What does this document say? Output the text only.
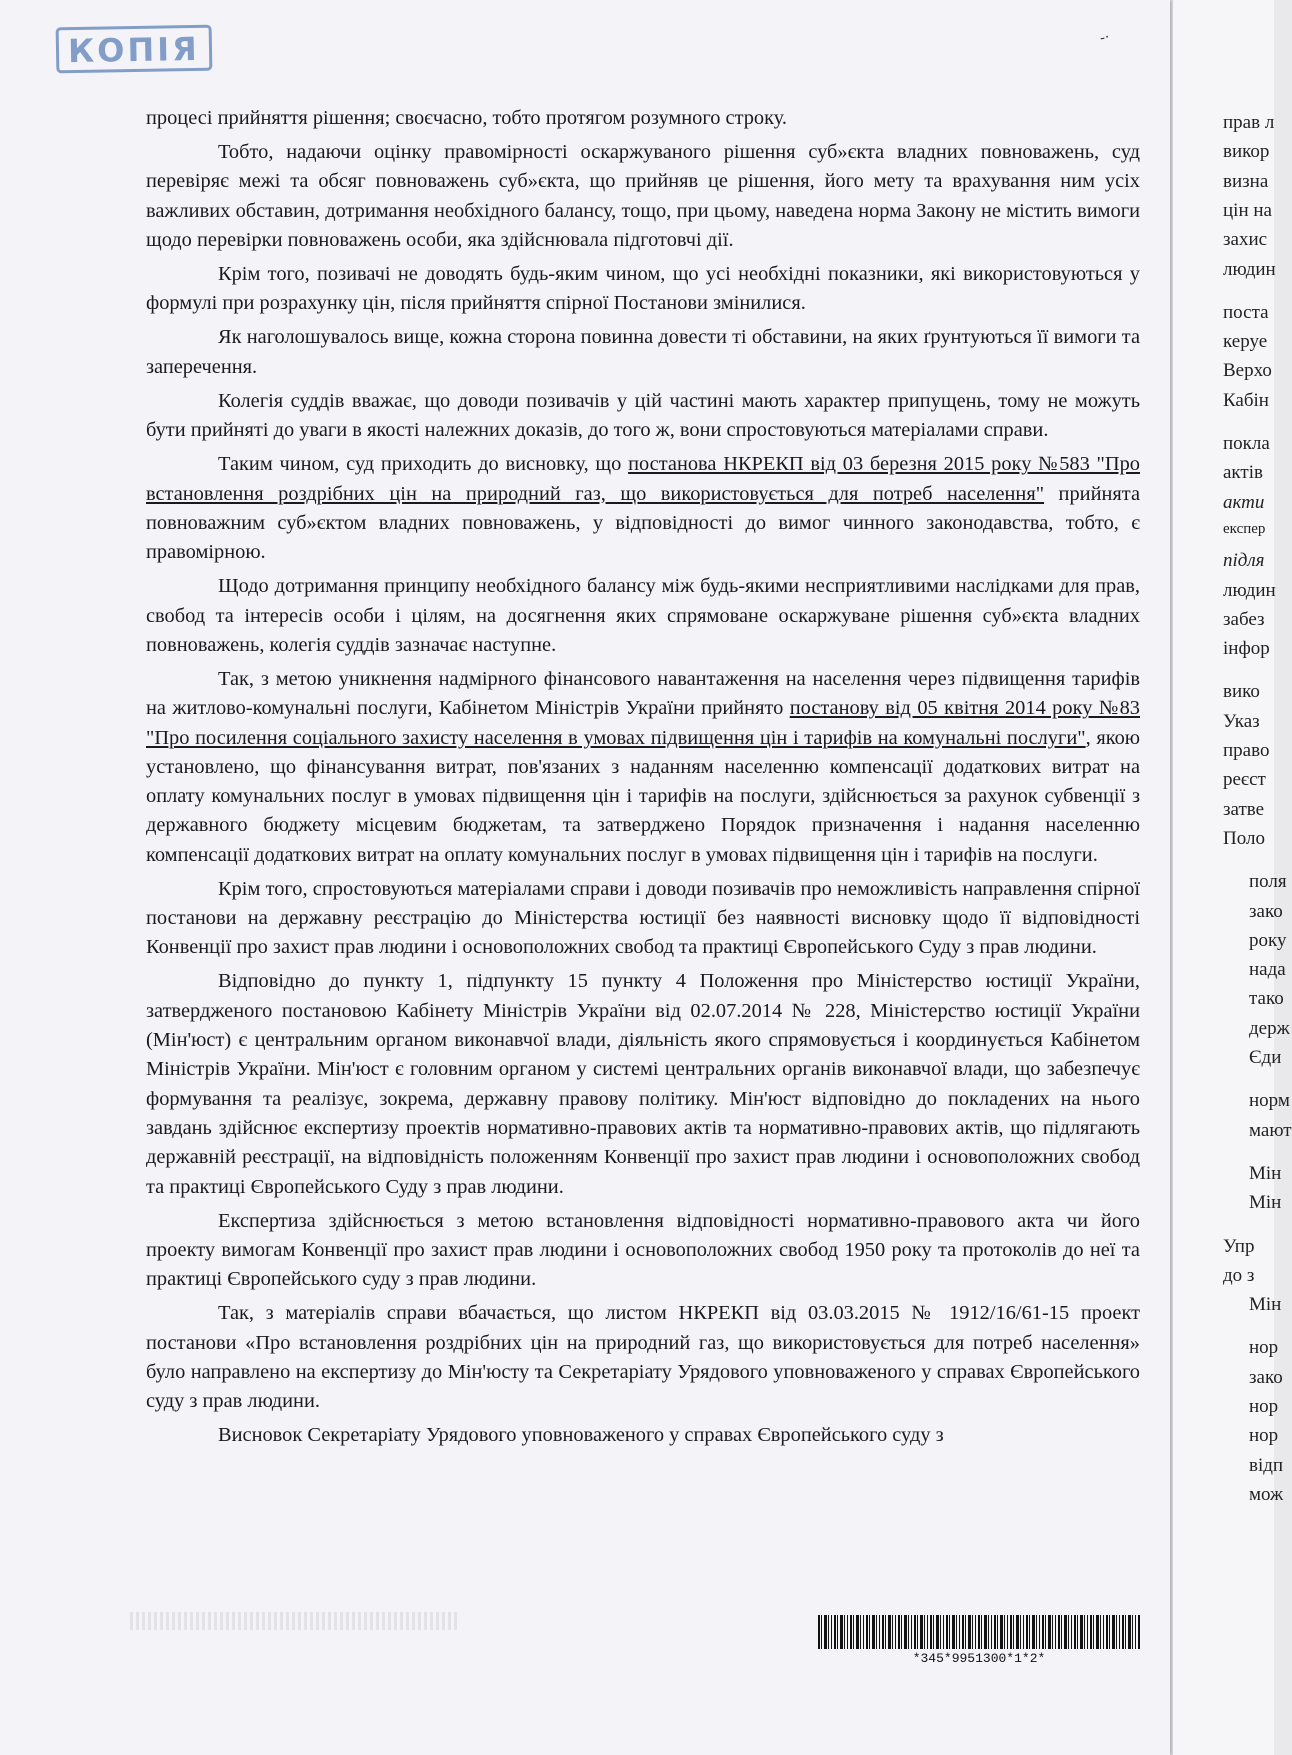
КОПІЯ	-·

процесі прийняття рішення; своєчасно, тобто протягом розумного строку.

Тобто, надаючи оцінку правомірності оскаржуваного рішення суб»єкта владних повноважень, суд перевіряє межі та обсяг повноважень суб»єкта, що прийняв це рішення, його мету та врахування ним усіх важливих обставин, дотримання необхідного балансу, тощо, при цьому, наведена норма Закону не містить вимоги щодо перевірки повноважень особи, яка здійснювала підготовчі дії.

Крім того, позивачі не доводять будь-яким чином, що усі необхідні показники, які використовуються у формулі при розрахунку цін, після прийняття спірної Постанови змінилися.

Як наголошувалось вище, кожна сторона повинна довести ті обставини, на яких ґрунтуються її вимоги та заперечення.

Колегія суддів вважає, що доводи позивачів у цій частині мають характер припущень, тому не можуть бути прийняті до уваги в якості належних доказів, до того ж, вони спростовуються матеріалами справи.

Таким чином, суд приходить до висновку, що постанова НКРЕКП від 03 березня 2015 року №583 "Про встановлення роздрібних цін на природний газ, що використовується для потреб населення" прийнята повноважним суб»єктом владних повноважень, у відповідності до вимог чинного законодавства, тобто, є правомірною.

Щодо дотримання принципу необхідного балансу між будь-якими несприятливими наслідками для прав, свобод та інтересів особи і цілям, на досягнення яких спрямоване оскаржуване рішення суб»єкта владних повноважень, колегія суддів зазначає наступне.

Так, з метою уникнення надмірного фінансового навантаження на населення через підвищення тарифів на житлово-комунальні послуги, Кабінетом Міністрів України прийнято постанову від 05 квітня 2014 року №83 "Про посилення соціального захисту населення в умовах підвищення цін і тарифів на комунальні послуги", якою установлено, що фінансування витрат, пов'язаних з наданням населенню компенсації додаткових витрат на оплату комунальних послуг в умовах підвищення цін і тарифів на послуги, здійснюється за рахунок субвенції з державного бюджету місцевим бюджетам, та затверджено Порядок призначення і надання населенню компенсації додаткових витрат на оплату комунальних послуг в умовах підвищення цін і тарифів на послуги.

Крім того, спростовуються матеріалами справи і доводи позивачів про неможливість направлення спірної постанови на державну реєстрацію до Міністерства юстиції без наявності висновку щодо її відповідності Конвенції про захист прав людини і основоположних свобод та практиці Європейського Суду з прав людини.

Відповідно до пункту 1, підпункту 15 пункту 4 Положення про Міністерство юстиції України, затвердженого постановою Кабінету Міністрів України від 02.07.2014 № 228, Міністерство юстиції України (Мін'юст) є центральним органом виконавчої влади, діяльність якого спрямовується і координується Кабінетом Міністрів України. Мін'юст є головним органом у системі центральних органів виконавчої влади, що забезпечує формування та реалізує, зокрема, державну правову політику. Мін'юст відповідно до покладених на нього завдань здійснює експертизу проектів нормативно-правових актів та нормативно-правових актів, що підлягають державній реєстрації, на відповідність положенням Конвенції про захист прав людини і основоположних свобод та практиці Європейського Суду з прав людини.

Експертиза здійснюється з метою встановлення відповідності нормативно-правового акта чи його проекту вимогам Конвенції про захист прав людини і основоположних свобод 1950 року та протоколів до неї та практиці Європейського суду з прав людини.

Так, з матеріалів справи вбачається, що листом НКРЕКП від 03.03.2015 № 1912/16/61-15 проект постанови «Про встановлення роздрібних цін на природний газ, що використовується для потреб населення» було направлено на експертизу до Мін'юсту та Секретаріату Урядового уповноваженого у справах Європейського суду з прав людини.

Висновок Секретаріату Урядового уповноваженого у справах Європейського суду з

*345*9951300*1*2*
прав л
викор
визна
цін на
захис
людин
поста
керуе
Верхо
Кабін
покла
актів
акти
експер
підля
людин
забез
інфор
вико
Указ
право
реєст
затве
Поло
поля
зако
року
нада
тако
держ
Єди
норм
мают
Мін
Мін
Упр
до з
Мін
нор
зако
нор
нор
відп
мож
